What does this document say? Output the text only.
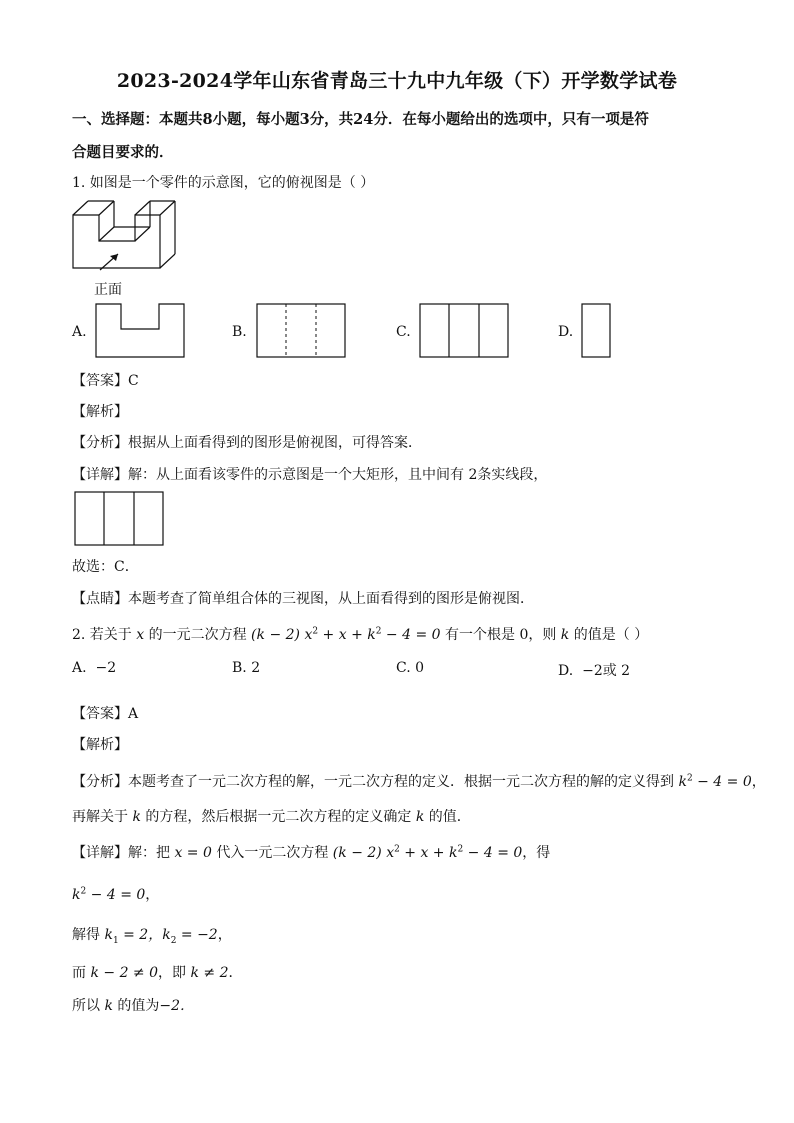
2023-2024学年山东省青岛三十九中九年级（下）开学数学试卷
一、选择题：本题共8小题，每小题3分，共24分．在每小题给出的选项中，只有一项是符
合题目要求的．
1. 如图是一个零件的示意图，它的俯视图是（ ）
正面
A.	B.	C.	D.
【答案】C
【解析】
【分析】根据从上面看得到的图形是俯视图，可得答案．
【详解】解：从上面看该零件的示意图是一个大矩形，且中间有 2条实线段，
故选：C．
【点睛】本题考查了简单组合体的三视图，从上面看得到的图形是俯视图．
2. 若关于 x 的一元二次方程 (k − 2) $x^2 + x + k^2 - 4 = 0$ 有一个根是 0，则 k 的值是（ ）
A. −2	B. 2	C. 0	D. −2或 2
【答案】A
【解析】
【分析】本题考查了一元二次方程的解，一元二次方程的定义．根据一元二次方程的解的定义得到 $k^2 - 4 = 0$，
再解关于 k 的方程，然后根据一元二次方程的定义确定 k 的值．
【详解】解：把 x = 0 代入一元二次方程 (k − 2) $x^2 + x + k^2 - 4 = 0$，得
$k^2 - 4 = 0$，
解得 $k_1 = 2$，$k_2 = -2$，
而 k − 2 ≠ 0，即 k ≠ 2．
所以 k 的值为−2．
